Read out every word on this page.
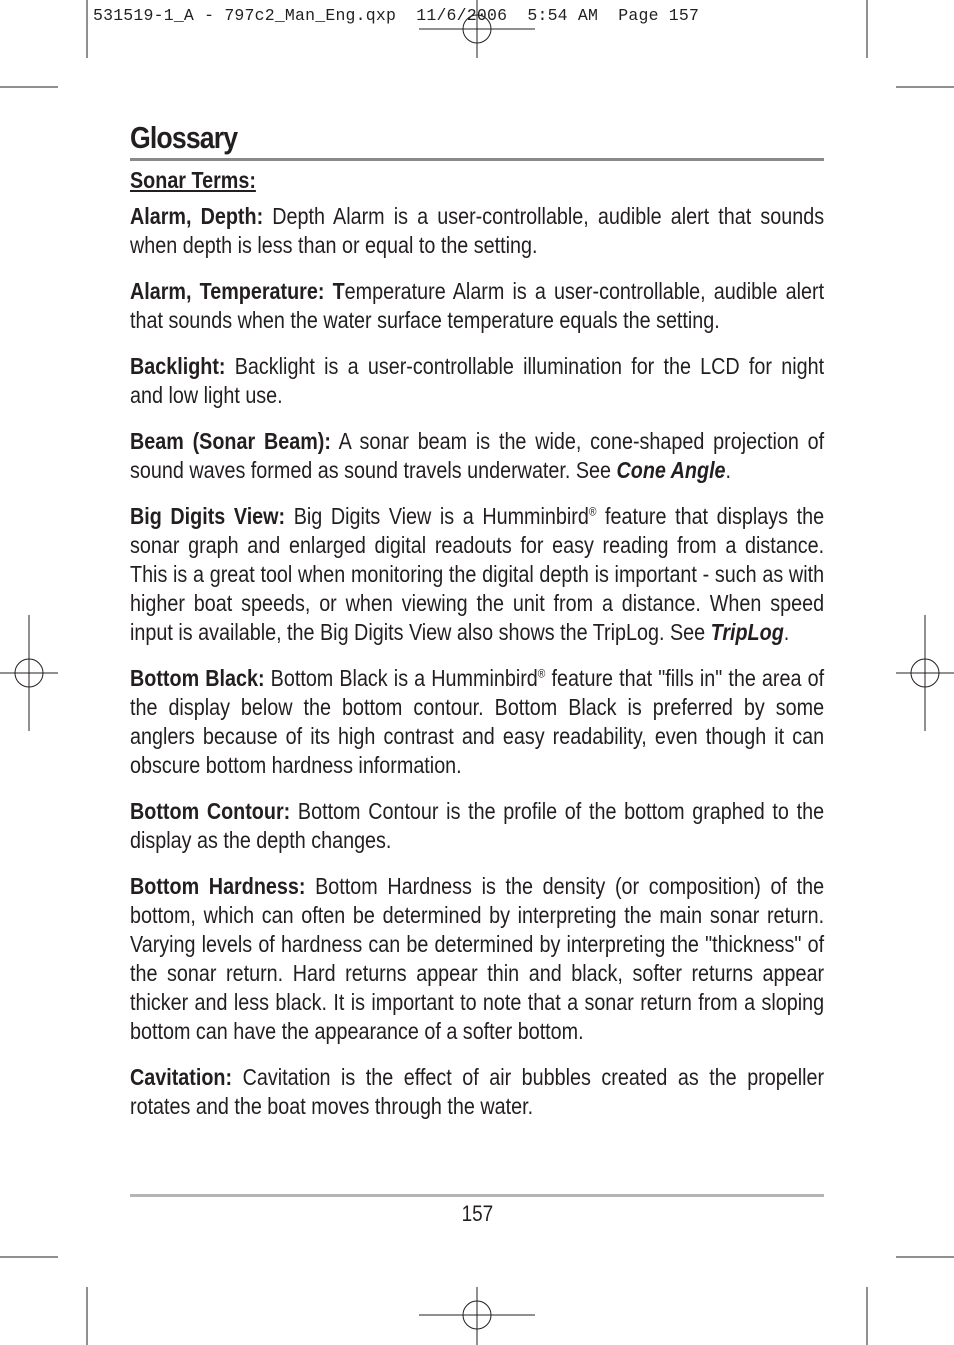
531519-1_A - 797c2_Man_Eng.qxp  11/6/2006  5:54 AM  Page 157
Glossary

Sonar Terms:

Alarm, Depth: Depth Alarm is a user-controllable, audible alert that sounds when depth is less than or equal to the setting.

Alarm, Temperature: Temperature Alarm is a user-controllable, audible alert that sounds when the water surface temperature equals the setting.

Backlight: Backlight is a user-controllable illumination for the LCD for night and low light use.

Beam (Sonar Beam): A sonar beam is the wide, cone-shaped projection of sound waves formed as sound travels underwater. See Cone Angle.

Big Digits View: Big Digits View is a Humminbird® feature that displays the sonar graph and enlarged digital readouts for easy reading from a distance. This is a great tool when monitoring the digital depth is important - such as with higher boat speeds, or when viewing the unit from a distance. When speed input is available, the Big Digits View also shows the TripLog. See TripLog.

Bottom Black: Bottom Black is a Humminbird® feature that "fills in" the area of the display below the bottom contour. Bottom Black is preferred by some anglers because of its high contrast and easy readability, even though it can obscure bottom hardness information.

Bottom Contour: Bottom Contour is the profile of the bottom graphed to the display as the depth changes.

Bottom Hardness: Bottom Hardness is the density (or composition) of the bottom, which can often be determined by interpreting the main sonar return. Varying levels of hardness can be determined by interpreting the "thickness" of the sonar return. Hard returns appear thin and black, softer returns appear thicker and less black. It is important to note that a sonar return from a sloping bottom can have the appearance of a softer bottom.

Cavitation: Cavitation is the effect of air bubbles created as the propeller rotates and the boat moves through the water.

157
